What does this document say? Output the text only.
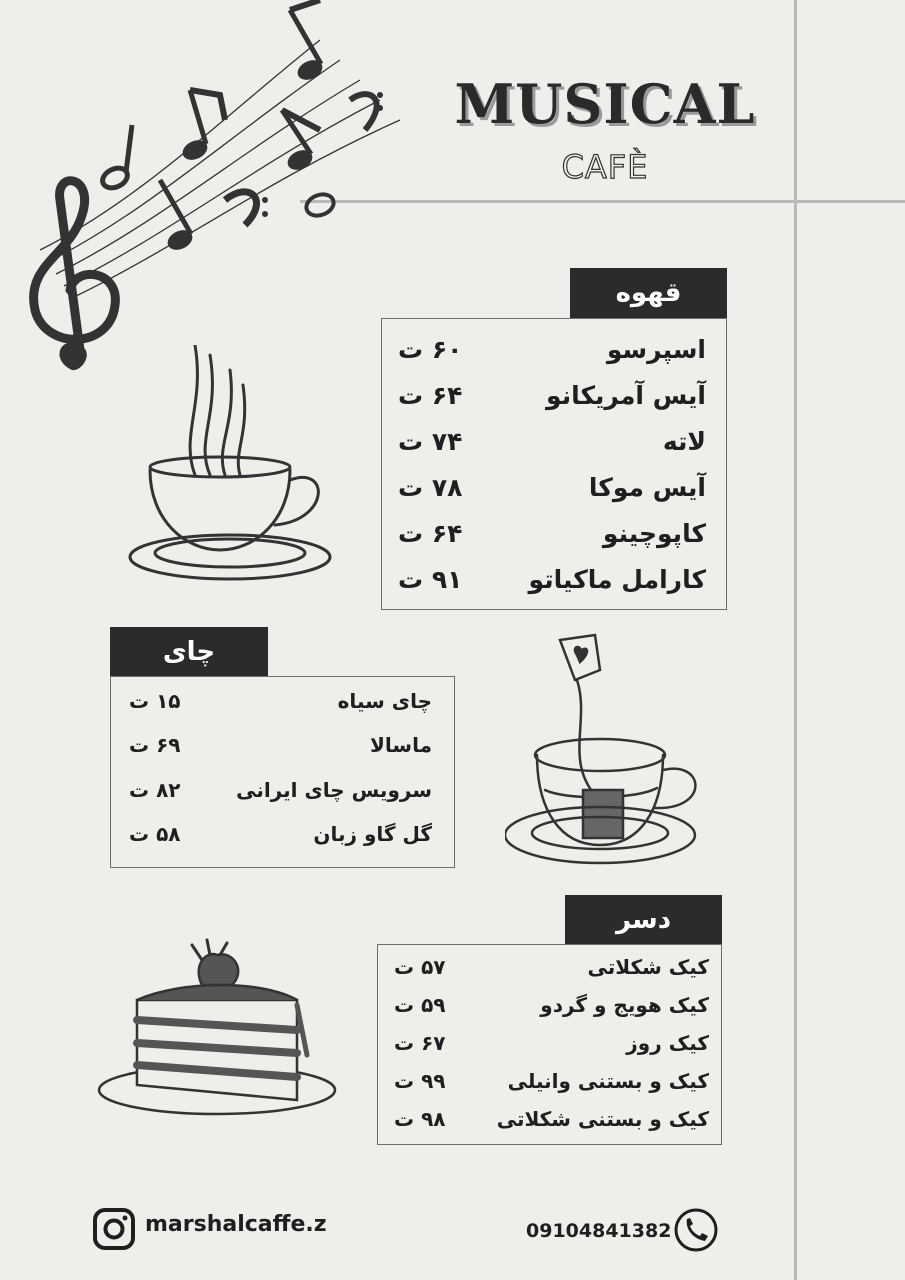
MUSICAL
CAFÈ
قهوه
اسپرسو
۶۰ ت
آیس آمریکانو
۶۴ ت
لاته
۷۴ ت
آیس موکا
۷۸ ت
کاپوچینو
۶۴ ت
کارامل ماکیاتو
۹۱ ت
چای
چای سیاه
۱۵ ت
ماسالا
۶۹ ت
سرویس چای ایرانی
۸۲ ت
گل گاو زبان
۵۸ ت
دسر
کیک شکلاتی
۵۷ ت
کیک هویج و گردو
۵۹ ت
کیک روز
۶۷ ت
کیک و بستنی وانیلی
۹۹ ت
کیک و بستنی شکلاتی
۹۸ ت
marshalcaffe.z	09104841382
